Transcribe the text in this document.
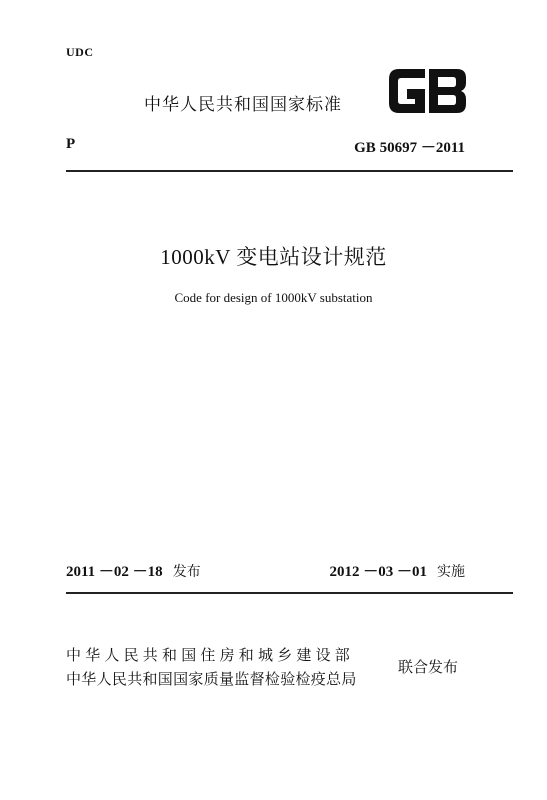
UDC
中华人民共和国国家标准
GB
P	GB 50697 －2011
1000kV 变电站设计规范
Code for design of 1000kV substation
2011 －02 －18 发布	2012 －03 －01 实施
中华人民共和国住房和城乡建设部
中华人民共和国国家质量监督检验检疫总局
联合发布
